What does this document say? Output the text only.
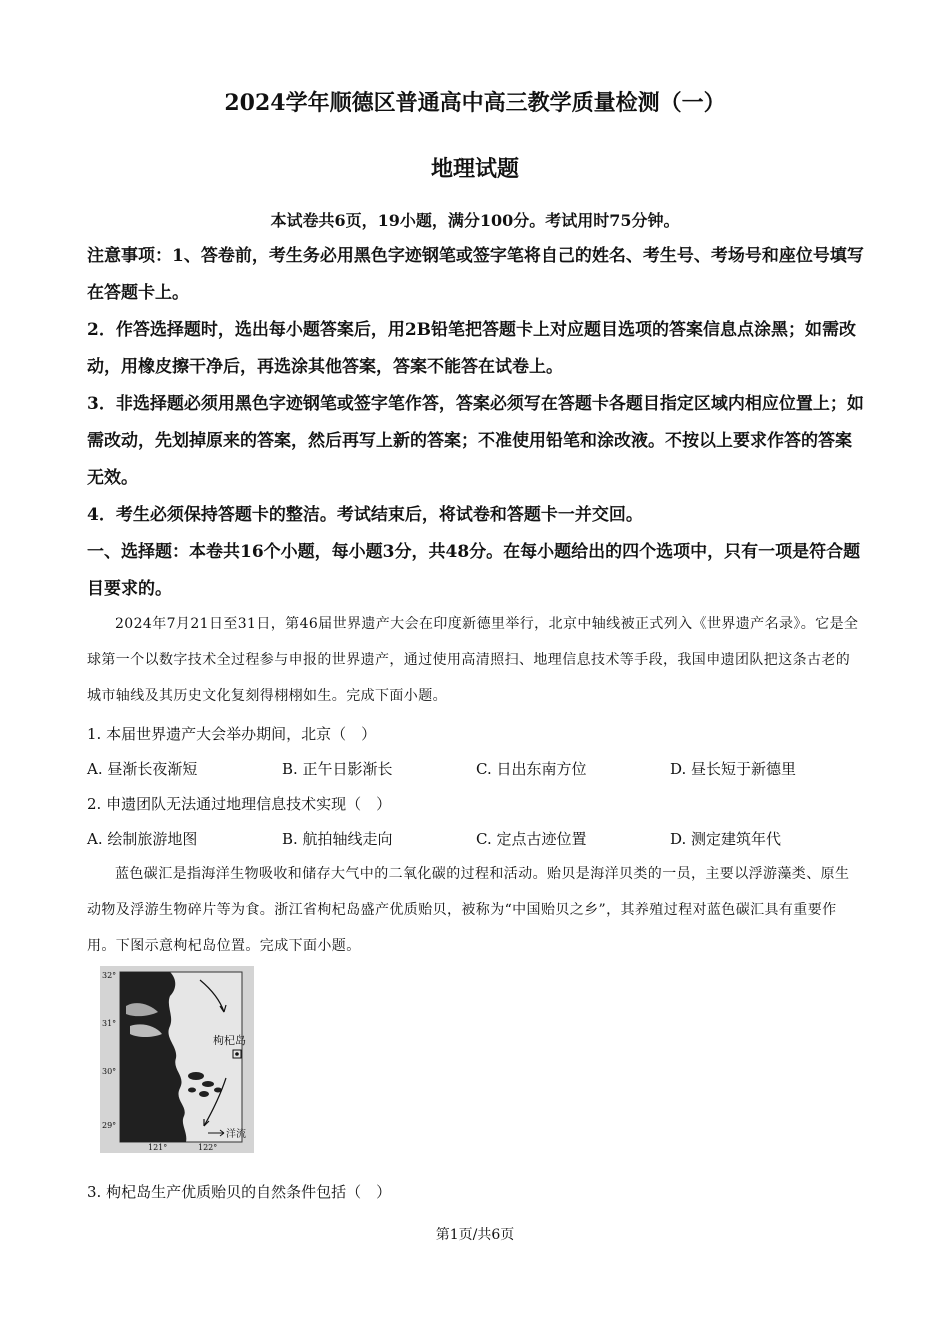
2024学年顺德区普通高中高三教学质量检测（一）
地理试题
本试卷共6页，19小题，满分100分。考试用时75分钟。

注意事项：1、答卷前，考生务必用黑色字迹钢笔或签字笔将自己的姓名、考生号、考场号和座位号填写在答题卡上。

2．作答选择题时，选出每小题答案后，用2B铅笔把答题卡上对应题目选项的答案信息点涂黑；如需改动，用橡皮擦干净后，再选涂其他答案，答案不能答在试卷上。

3．非选择题必须用黑色字迹钢笔或签字笔作答，答案必须写在答题卡各题目指定区域内相应位置上；如需改动，先划掉原来的答案，然后再写上新的答案；不准使用铅笔和涂改液。不按以上要求作答的答案无效。

4．考生必须保持答题卡的整洁。考试结束后，将试卷和答题卡一并交回。

一、选择题：本卷共16个小题，每小题3分，共48分。在每小题给出的四个选项中，只有一项是符合题目要求的。
2024年7月21日至31日，第46届世界遗产大会在印度新德里举行，北京中轴线被正式列入《世界遗产名录》。它是全球第一个以数字技术全过程参与申报的世界遗产，通过使用高清照扫、地理信息技术等手段，我国申遗团队把这条古老的城市轴线及其历史文化复刻得栩栩如生。完成下面小题。
1. 本届世界遗产大会举办期间，北京（　）
A. 昼渐长夜渐短	B. 正午日影渐长	C. 日出东南方位	D. 昼长短于新德里
2. 申遗团队无法通过地理信息技术实现（　）
A. 绘制旅游地图	B. 航拍轴线走向	C. 定点古迹位置	D. 测定建筑年代
蓝色碳汇是指海洋生物吸收和储存大气中的二氧化碳的过程和活动。贻贝是海洋贝类的一员，主要以浮游藻类、原生动物及浮游生物碎片等为食。浙江省枸杞岛盛产优质贻贝，被称为“中国贻贝之乡”，其养殖过程对蓝色碳汇具有重要作用。下图示意枸杞岛位置。完成下面小题。
32°
31°
30°
29°
121°	122°
枸杞岛
洋流
3. 枸杞岛生产优质贻贝的自然条件包括（　）
第1页/共6页
